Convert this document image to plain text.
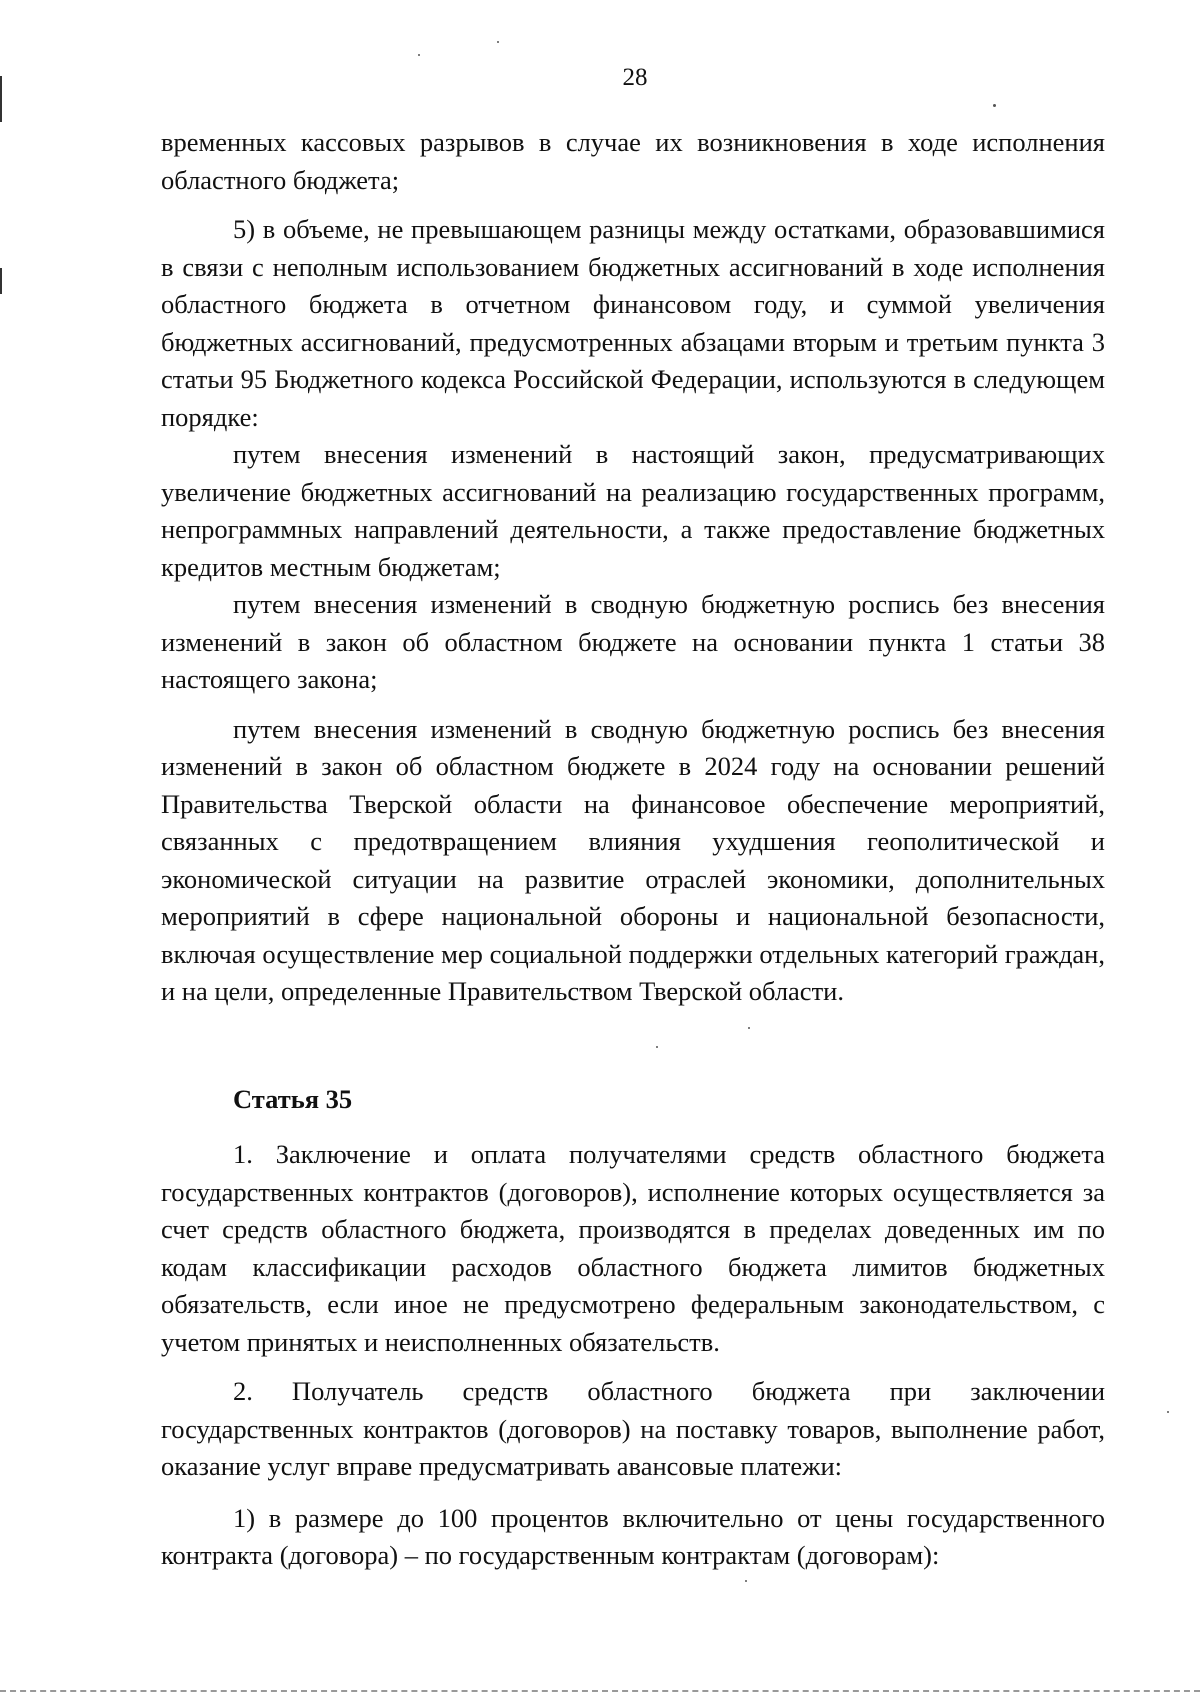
28

временных кассовых разрывов в случае их возникновения в ходе исполнения областного бюджета;

5) в объеме, не превышающем разницы между остатками, образовавшимися в связи с неполным использованием бюджетных ассигнований в ходе исполнения областного бюджета в отчетном финансовом году, и суммой увеличения бюджетных ассигнований, предусмотренных абзацами вторым и третьим пункта 3 статьи 95 Бюджетного кодекса Российской Федерации, используются в следующем порядке:

путем внесения изменений в настоящий закон, предусматривающих увеличение бюджетных ассигнований на реализацию государственных программ, непрограммных направлений деятельности, а также предоставление бюджетных кредитов местным бюджетам;

путем внесения изменений в сводную бюджетную роспись без внесения изменений в закон об областном бюджете на основании пункта 1 статьи 38 настоящего закона;

путем внесения изменений в сводную бюджетную роспись без внесения изменений в закон об областном бюджете в 2024 году на основании решений Правительства Тверской области на финансовое обеспечение мероприятий, связанных с предотвращением влияния ухудшения геополитической и экономической ситуации на развитие отраслей экономики, дополнительных мероприятий в сфере национальной обороны и национальной безопасности, включая осуществление мер социальной поддержки отдельных категорий граждан, и на цели, определенные Правительством Тверской области.

Статья 35

1. Заключение и оплата получателями средств областного бюджета государственных контрактов (договоров), исполнение которых осуществляется за счет средств областного бюджета, производятся в пределах доведенных им по кодам классификации расходов областного бюджета лимитов бюджетных обязательств, если иное не предусмотрено федеральным законодательством, с учетом принятых и неисполненных обязательств.

2. Получатель средств областного бюджета при заключении государственных контрактов (договоров) на поставку товаров, выполнение работ, оказание услуг вправе предусматривать авансовые платежи:

1) в размере до 100 процентов включительно от цены государственного контракта (договора) – по государственным контрактам (договорам):
